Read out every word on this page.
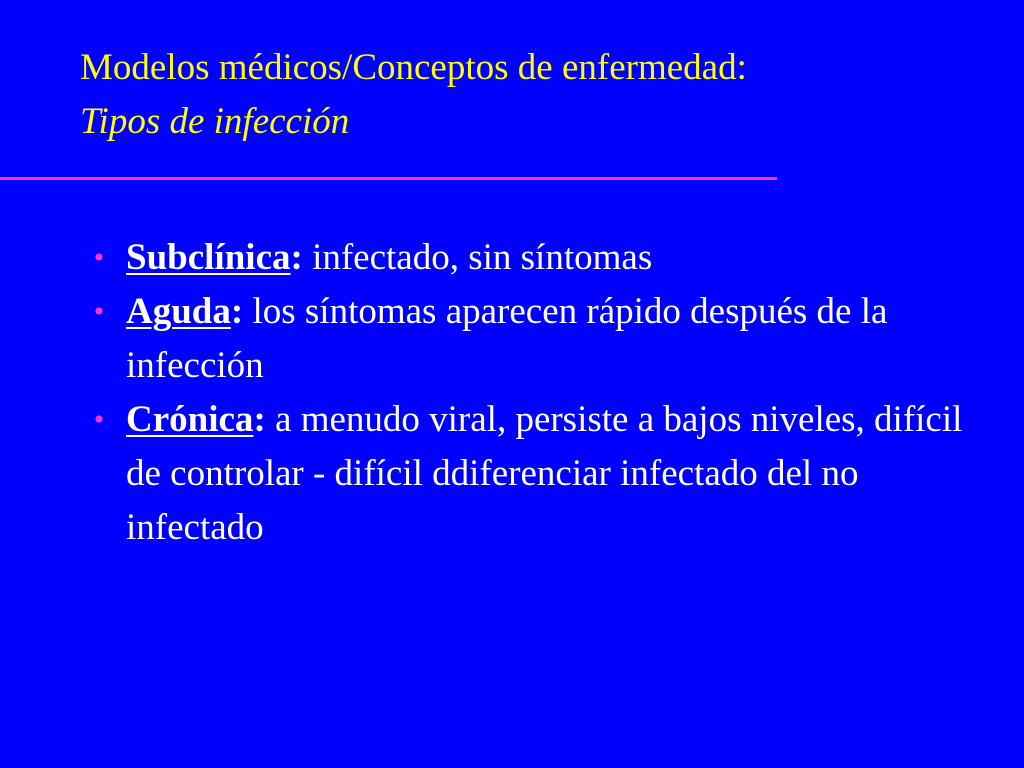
Modelos médicos/Conceptos de enfermedad:
Tipos de infección
• Subclínica: infectado, sin síntomas
• Aguda: los síntomas aparecen rápido después de la infección
• Crónica: a menudo viral, persiste a bajos niveles, difícil de controlar - difícil ddiferenciar infectado del no infectado
